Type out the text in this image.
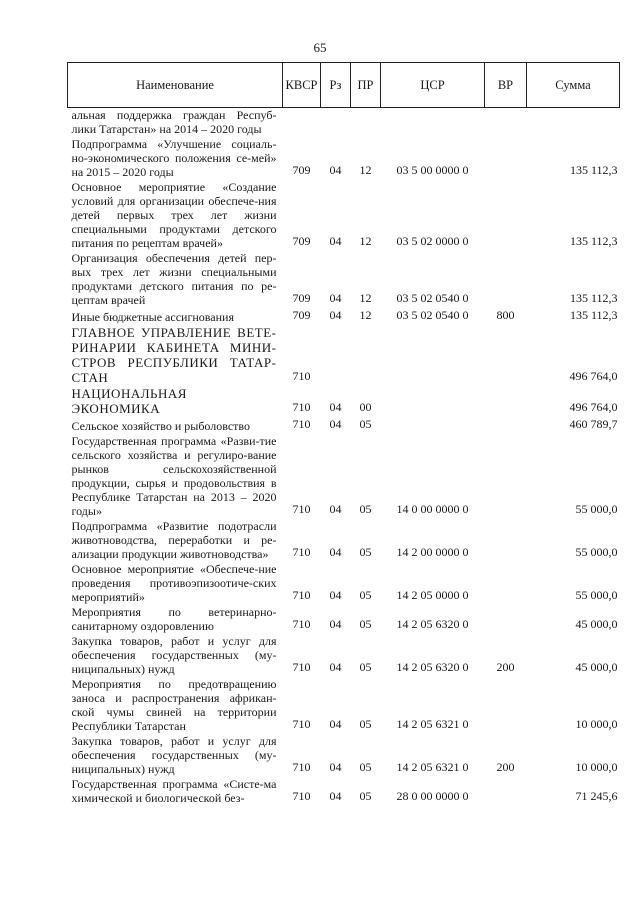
65
Наименование	КВСР	Рз	ПР	ЦСР	ВР	Сумма
альная поддержка граждан Респуб- лики Татарстан» на 2014 – 2020 годы						
Подпрограмма «Улучшение социаль-но-экономического положения се-мей» на 2015 – 2020 годы	709	04	12	03 5 00 0000 0		135 112,3
Основное мероприятие «Создание условий для организации обеспече-ния детей первых трех лет жизни специальными продуктами детского питания по рецептам врачей»	709	04	12	03 5 02 0000 0		135 112,3
Организация обеспечения детей пер-вых трех лет жизни специальными продуктами детского питания по ре-цептам врачей	709	04	12	03 5 02 0540 0		135 112,3
Иные бюджетные ассигнования	709	04	12	03 5 02 0540 0	800	135 112,3
ГЛАВНОЕ УПРАВЛЕНИЕ ВЕТЕ-РИНАРИИ КАБИНЕТА МИНИ-СТРОВ РЕСПУБЛИКИ ТАТАР-СТАН	710					496 764,0
НАЦИОНАЛЬНАЯ ЭКОНОМИКА	710	04	00			496 764,0
Сельское хозяйство и рыболовство	710	04	05			460 789,7
Государственная программа «Разви-тие сельского хозяйства и регулиро-вание рынков сельскохозяйственной продукции, сырья и продовольствия в Республике Татарстан на 2013 – 2020 годы»	710	04	05	14 0 00 0000 0		55 000,0
Подпрограмма «Развитие подотрасли животноводства, переработки и ре-ализации продукции животноводства»	710	04	05	14 2 00 0000 0		55 000,0
Основное мероприятие «Обеспече-ние проведения противоэпизоотиче-ских мероприятий»	710	04	05	14 2 05 0000 0		55 000,0
Мероприятия по ветеринарно-санитарному оздоровлению	710	04	05	14 2 05 6320 0		45 000,0
Закупка товаров, работ и услуг для обеспечения государственных (му-ниципальных) нужд	710	04	05	14 2 05 6320 0	200	45 000,0
Мероприятия по предотвращению заноса и распространения африкан-ской чумы свиней на территории Республики Татарстан	710	04	05	14 2 05 6321 0		10 000,0
Закупка товаров, работ и услуг для обеспечения государственных (му-ниципальных) нужд	710	04	05	14 2 05 6321 0	200	10 000,0
Государственная программа «Систе-ма химической и биологической без-	710	04	05	28 0 00 0000 0		71 245,6
